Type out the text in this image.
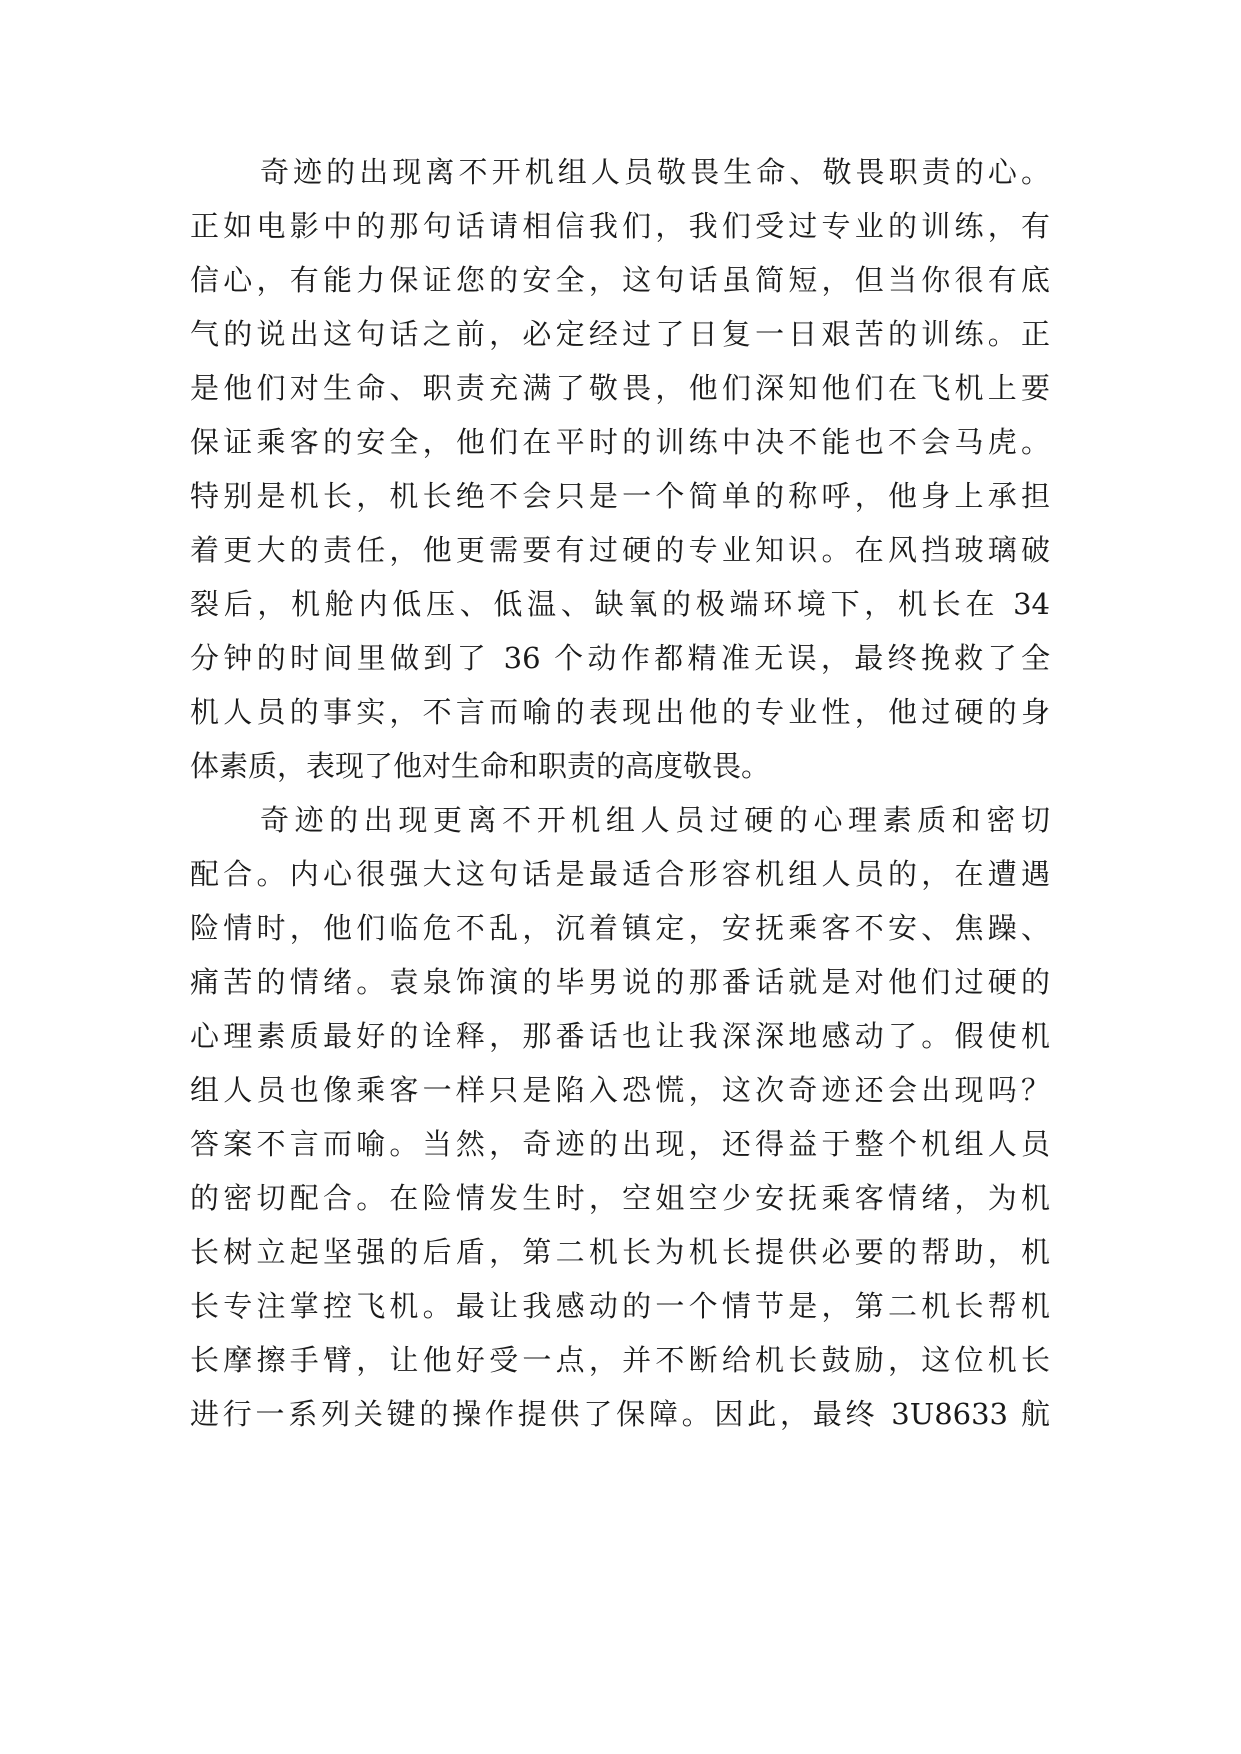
奇迹的出现离不开机组人员敬畏生命、敬畏职责的心。
正如电影中的那句话请相信我们，我们受过专业的训练，有
信心，有能力保证您的安全，这句话虽简短，但当你很有底
气的说出这句话之前，必定经过了日复一日艰苦的训练。正
是他们对生命、职责充满了敬畏，他们深知他们在飞机上要
保证乘客的安全，他们在平时的训练中决不能也不会马虎。
特别是机长，机长绝不会只是一个简单的称呼，他身上承担
着更大的责任，他更需要有过硬的专业知识。在风挡玻璃破
裂后，机舱内低压、低温、缺氧的极端环境下，机长在 34
分钟的时间里做到了 36 个动作都精准无误，最终挽救了全
机人员的事实，不言而喻的表现出他的专业性，他过硬的身
体素质，表现了他对生命和职责的高度敬畏。
奇迹的出现更离不开机组人员过硬的心理素质和密切
配合。内心很强大这句话是最适合形容机组人员的，在遭遇
险情时，他们临危不乱，沉着镇定，安抚乘客不安、焦躁、
痛苦的情绪。袁泉饰演的毕男说的那番话就是对他们过硬的
心理素质最好的诠释，那番话也让我深深地感动了。假使机
组人员也像乘客一样只是陷入恐慌，这次奇迹还会出现吗？
答案不言而喻。当然，奇迹的出现，还得益于整个机组人员
的密切配合。在险情发生时，空姐空少安抚乘客情绪，为机
长树立起坚强的后盾，第二机长为机长提供必要的帮助，机
长专注掌控飞机。最让我感动的一个情节是，第二机长帮机
长摩擦手臂，让他好受一点，并不断给机长鼓励，这位机长
进行一系列关键的操作提供了保障。因此，最终 3U8633 航
